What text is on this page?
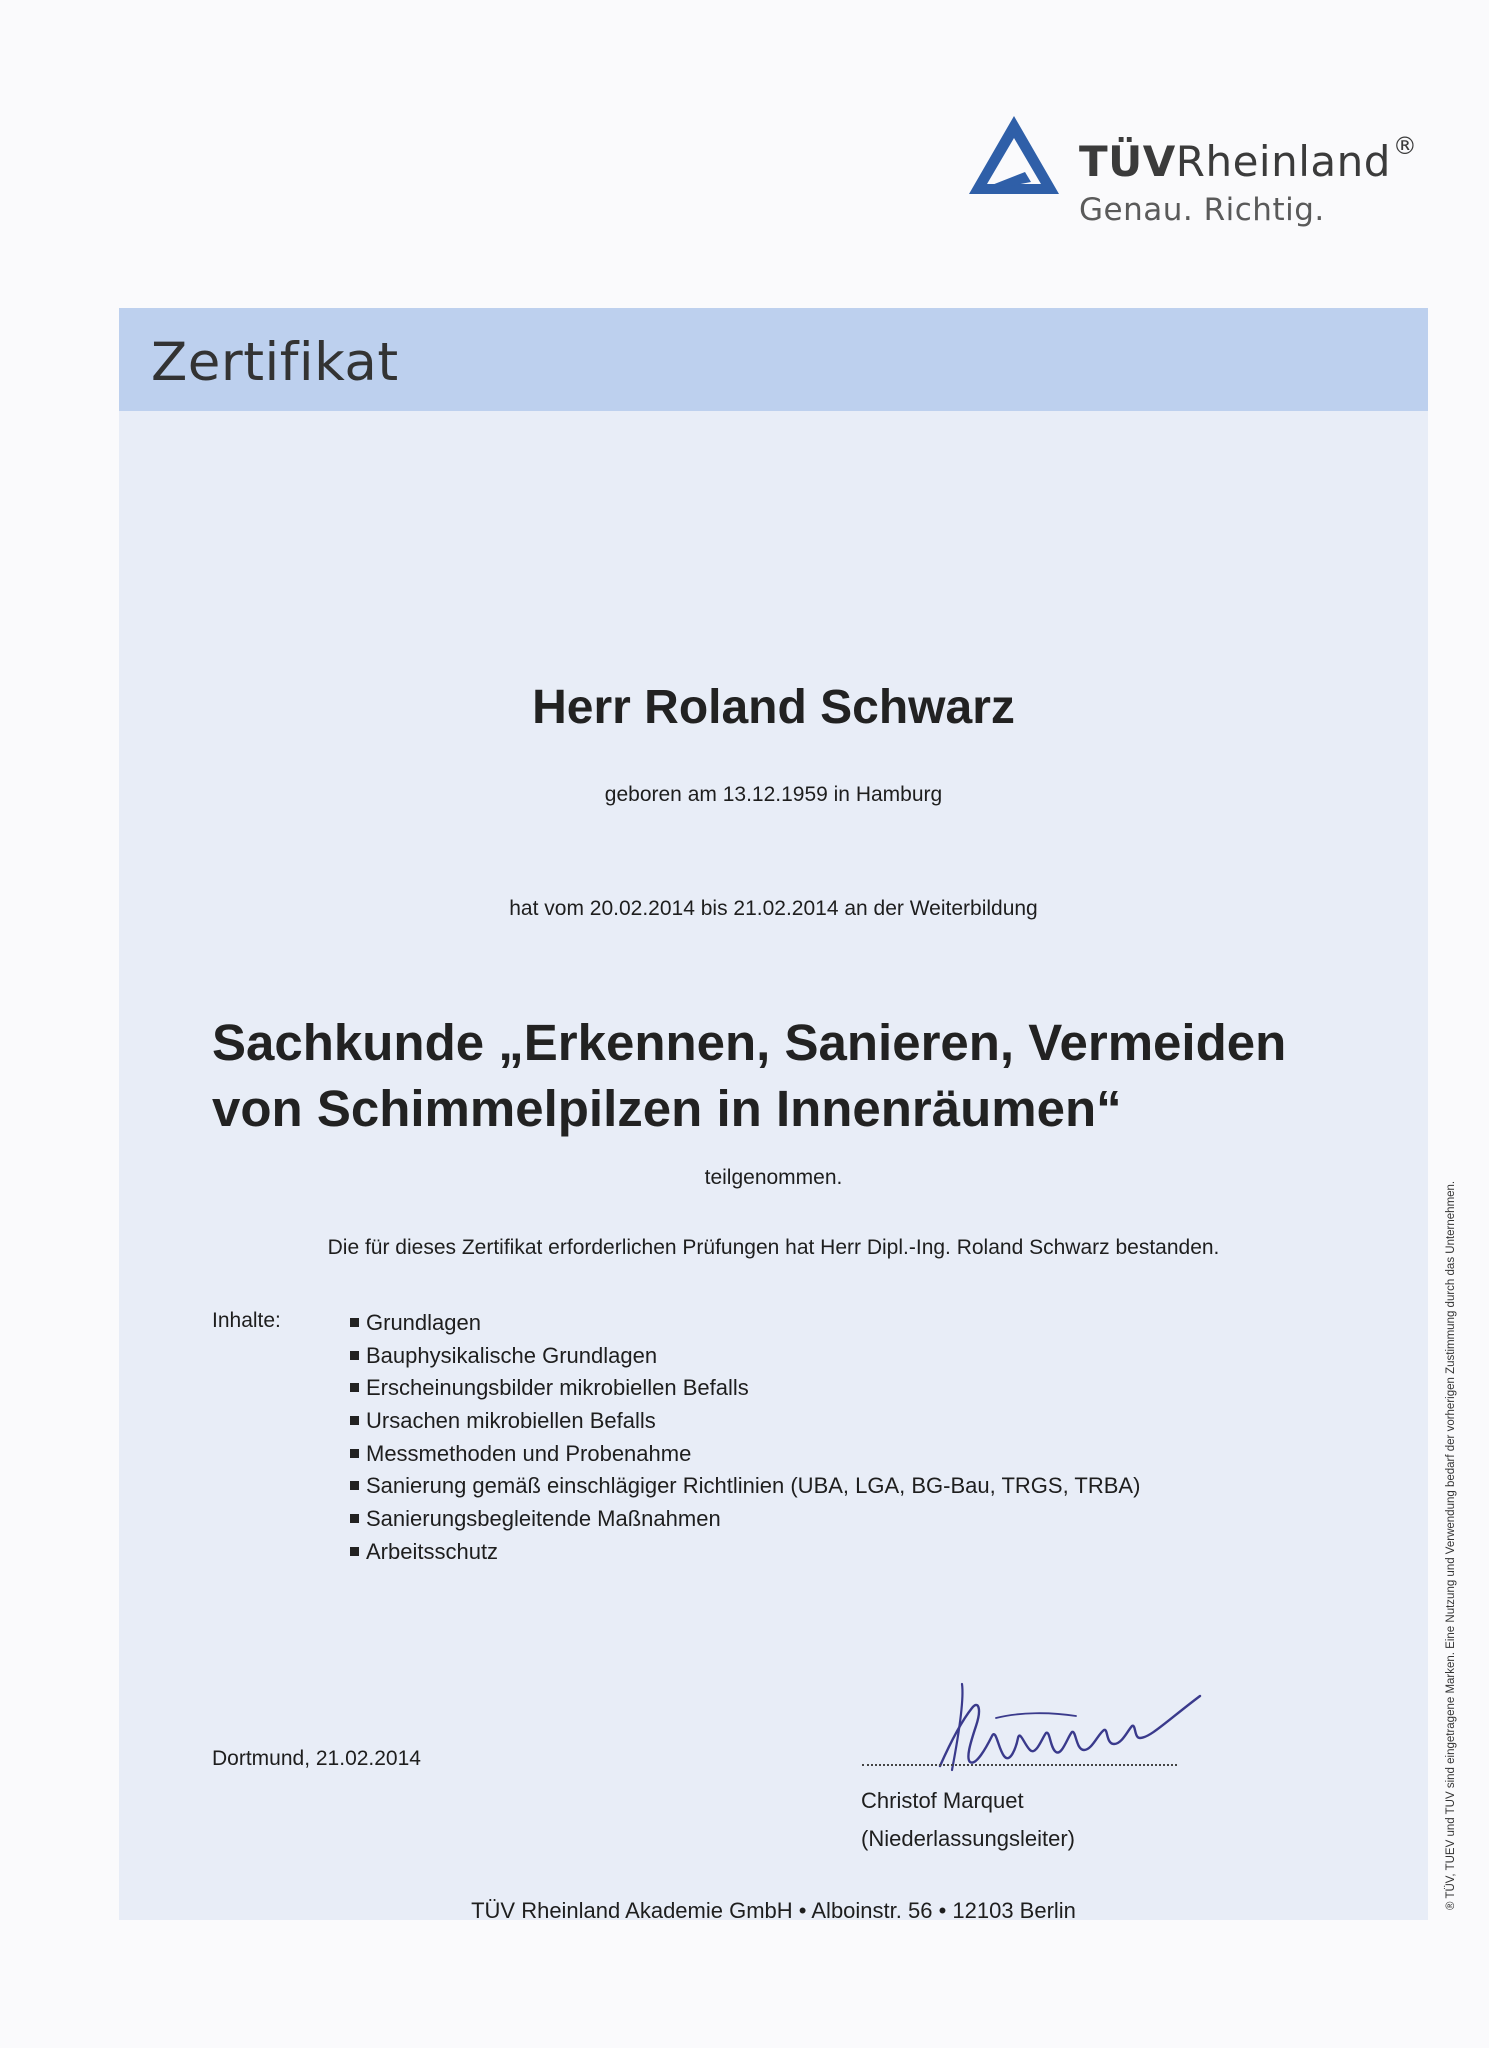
TÜVRheinland®
Genau. Richtig.
Zertifikat
Herr Roland Schwarz
geboren am 13.12.1959 in Hamburg
hat vom 20.02.2014 bis 21.02.2014 an der Weiterbildung
Sachkunde „Erkennen, Sanieren, Vermeiden
von Schimmelpilzen in Innenräumen“
teilgenommen.
Die für dieses Zertifikat erforderlichen Prüfungen hat Herr Dipl.-Ing. Roland Schwarz bestanden.
Inhalte:	Grundlagen
Bauphysikalische Grundlagen
Erscheinungsbilder mikrobiellen Befalls
Ursachen mikrobiellen Befalls
Messmethoden und Probenahme
Sanierung gemäß einschlägiger Richtlinien (UBA, LGA, BG-Bau, TRGS, TRBA)
Sanierungsbegleitende Maßnahmen
Arbeitsschutz
Dortmund, 21.02.2014
Christof Marquet
(Niederlassungsleiter)
TÜV Rheinland Akademie GmbH • Alboinstr. 56 • 12103 Berlin
® TÜV, TUEV und TUV sind eingetragene Marken. Eine Nutzung und Verwendung bedarf der vorherigen Zustimmung durch das Unternehmen.
